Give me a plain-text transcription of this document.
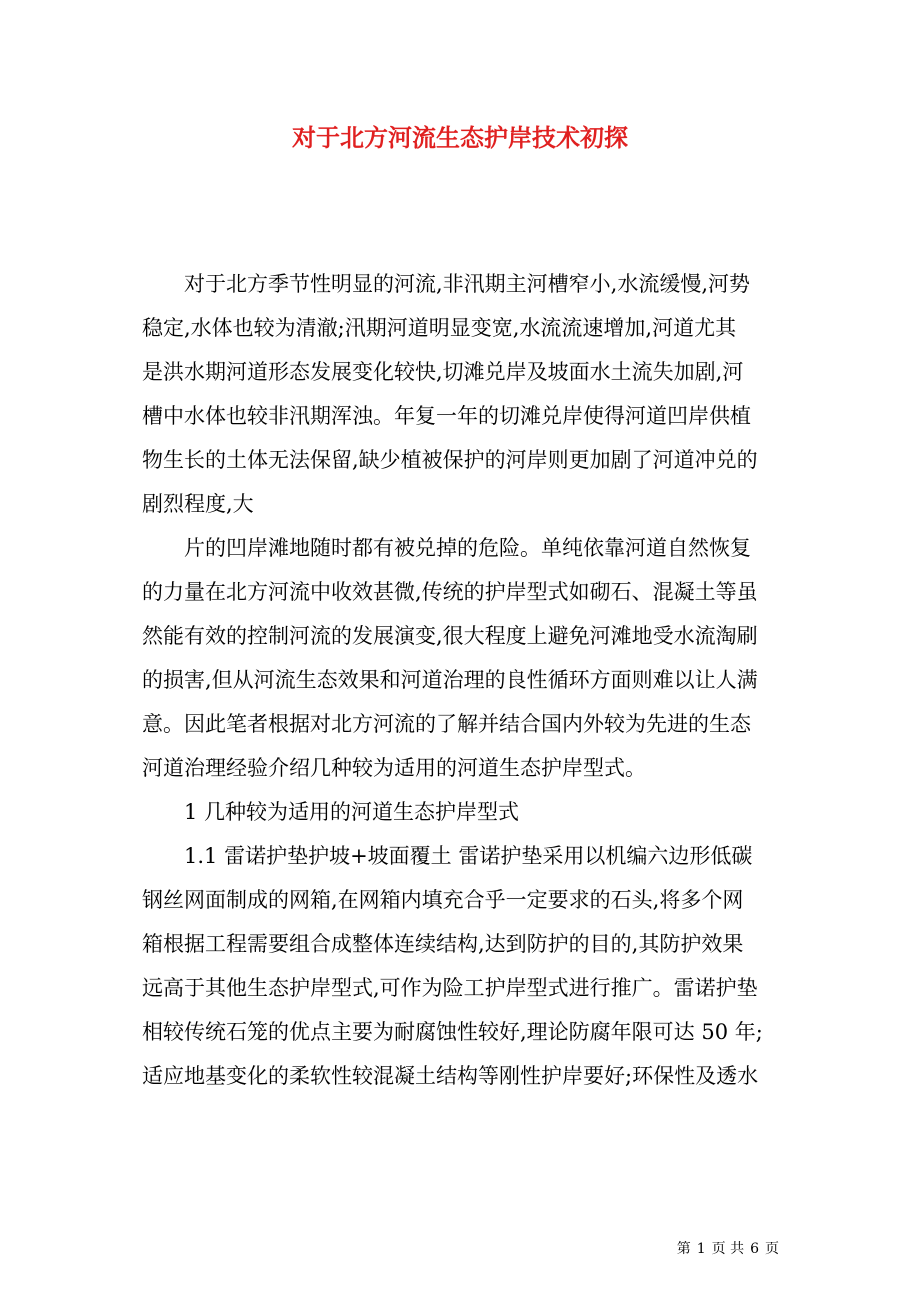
对于北方河流生态护岸技术初探
对于北方季节性明显的河流,非汛期主河槽窄小,水流缓慢,河势
稳定,水体也较为清澈;汛期河道明显变宽,水流流速增加,河道尤其
是洪水期河道形态发展变化较快,切滩兑岸及坡面水土流失加剧,河
槽中水体也较非汛期浑浊。年复一年的切滩兑岸使得河道凹岸供植
物生长的土体无法保留,缺少植被保护的河岸则更加剧了河道冲兑的
剧烈程度,大
片的凹岸滩地随时都有被兑掉的危险。单纯依靠河道自然恢复
的力量在北方河流中收效甚微,传统的护岸型式如砌石、混凝土等虽
然能有效的控制河流的发展演变,很大程度上避免河滩地受水流淘刷
的损害,但从河流生态效果和河道治理的良性循环方面则难以让人满
意。因此笔者根据对北方河流的了解并结合国内外较为先进的生态
河道治理经验介绍几种较为适用的河道生态护岸型式。
1 几种较为适用的河道生态护岸型式
1.1 雷诺护垫护坡+坡面覆土 雷诺护垫采用以机编六边形低碳
钢丝网面制成的网箱,在网箱内填充合乎一定要求的石头,将多个网
箱根据工程需要组合成整体连续结构,达到防护的目的,其防护效果
远高于其他生态护岸型式,可作为险工护岸型式进行推广。雷诺护垫
相较传统石笼的优点主要为耐腐蚀性较好,理论防腐年限可达 50 年;
适应地基变化的柔软性较混凝土结构等刚性护岸要好;环保性及透水
第 1 页 共 6 页
